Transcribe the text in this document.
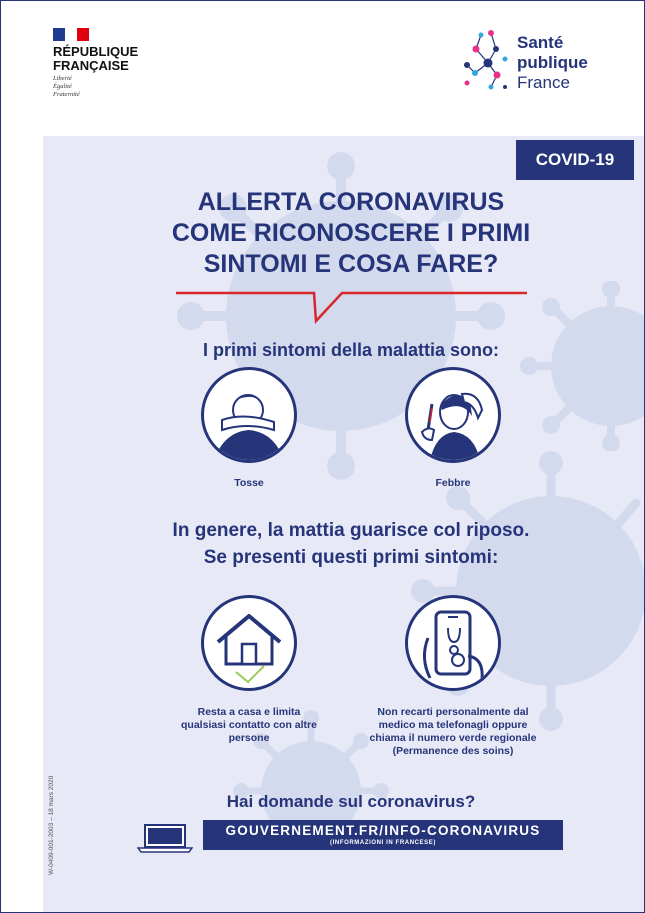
RÉPUBLIQUE
FRANÇAISE
Liberté
Égalité
Fraternité
Santé
publique
France
COVID-19
ALLERTA CORONAVIRUS
COME RICONOSCERE I PRIMI
SINTOMI E COSA FARE?
I primi sintomi della malattia sono:
Tosse	Febbre
In genere, la mattia guarisce col riposo.
Se presenti questi primi sintomi:
Resta a casa e limita qualsiasi contatto con altre persone
Non recarti personalmente dal medico ma telefonagli oppure chiama il numero verde regionale (Permanence des soins)
Hai domande sul coronavirus?
GOUVERNEMENT.FR/INFO-CORONAVIRUS
(INFORMAZIONI IN FRANCESE)
W-0409-001-2003 – 18 mars 2020
